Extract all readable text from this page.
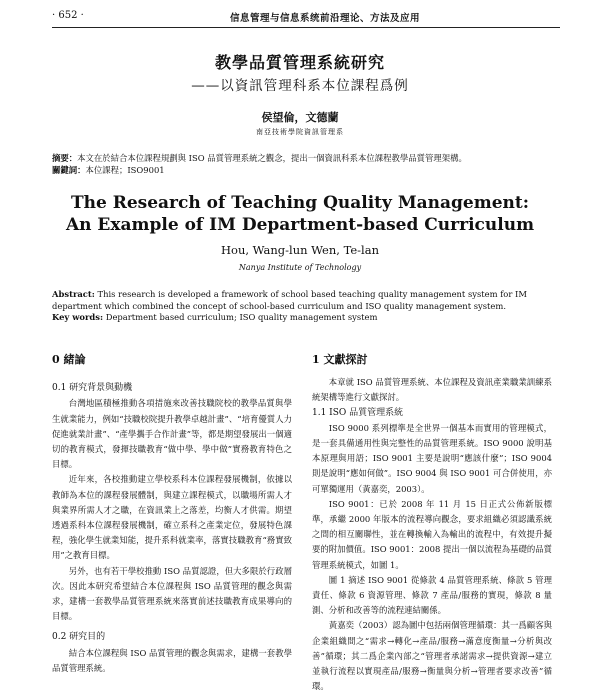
· 652 ·	信息管理与信息系统前沿理论、方法及应用
教學品質管理系統研究
——以資訊管理科系本位課程爲例
侯望倫，文德蘭
南亞技術學院資訊管理系
摘要：本文在於結合本位課程規劃與 ISO 品質管理系統之觀念，提出一個資訊科系本位課程教學品質管理架構。
關鍵詞：本位課程；ISO9001
The Research of Teaching Quality Management:
An Example of IM Department-based Curriculum
Hou, Wang-lun Wen, Te-lan
Nanya Institute of Technology
Abstract: This research is developed a framework of school based teaching quality management system for IM department which combined the concept of school-based curriculum and ISO quality management system.
Key words: Department based curriculum; ISO quality management system
0 緒論
0.1 研究背景與動機

台灣地區積極推動各項措施來改善技職院校的教學品質與學生就業能力，例如“技職校院提升教學卓越計畫”、“培育優質人力促進就業計畫”、“產學攜手合作計畫”等，都是期望發展出一個適切的教育模式，發揮技職教育“做中學、學中做”實務教育特色之目標。

近年來，各校推動建立學校系科本位課程發展機制，依據以教師為本位的課程發展體制，與建立課程模式，以職場所需人才與業界所需人才之職，在資訊業上之落差，均衡人才供需。期望透過系科本位課程發展機制，確立系科之產業定位，發展特色課程，強化學生就業知能，提升系科就業率，落實技職教育“務實致用”之教育目標。

另外，也有若干學校推動 ISO 品質認證，但大多限於行政層次。因此本研究希望結合本位課程與 ISO 品質管理的觀念與需求，建構一套教學品質管理系統來落實前述技職教育成果導向的目標。

0.2 研究目的

結合本位課程與 ISO 品質管理的觀念與需求，建構一套教學品質管理系統。

1 文獻探討

本章就 ISO 品質管理系統、本位課程及資訊產業職業訓練系統架構等進行文獻探討。

1.1 ISO 品質管理系統

ISO 9000 系列標準是全世界一個基本而實用的管理模式，是一套具備通用性與完整性的品質管理系統。ISO 9000 說明基本原理與用語；ISO 9001 主要是說明“應該什麼”；ISO 9004 則是說明“應如何做”。ISO 9004 與 ISO 9001 可合併使用，亦可單獨運用（黃嘉奕，2003）。

ISO 9001：已於 2008 年 11 月 15 日正式公佈新版標準，承繼 2000 年版本的流程導向觀念，要求組織必須認識系統之間的相互關聯性，並在轉換輸入為輸出的流程中，有效提升擬要的附加價值。ISO 9001：2008 提出一個以流程為基礎的品質管理系統模式，如圖 1。

圖 1 摘述 ISO 9001 從條款 4 品質管理系統、條款 5 管理責任、條款 6 資源管理、條款 7 產品/服務的實現，條款 8 量測、分析和改善等的流程連結關係。

黃嘉奕（2003）認為圖中包括兩個管理循環：其一爲顧客與企業組織間之“需求→轉化→產品/服務→滿意度衡量→分析與改善”循環；其二爲企業內部之“管理者承諾需求→提供資源→建立並執行流程以實現產品/服務→衡量與分析→管理者要求改善”循環。
